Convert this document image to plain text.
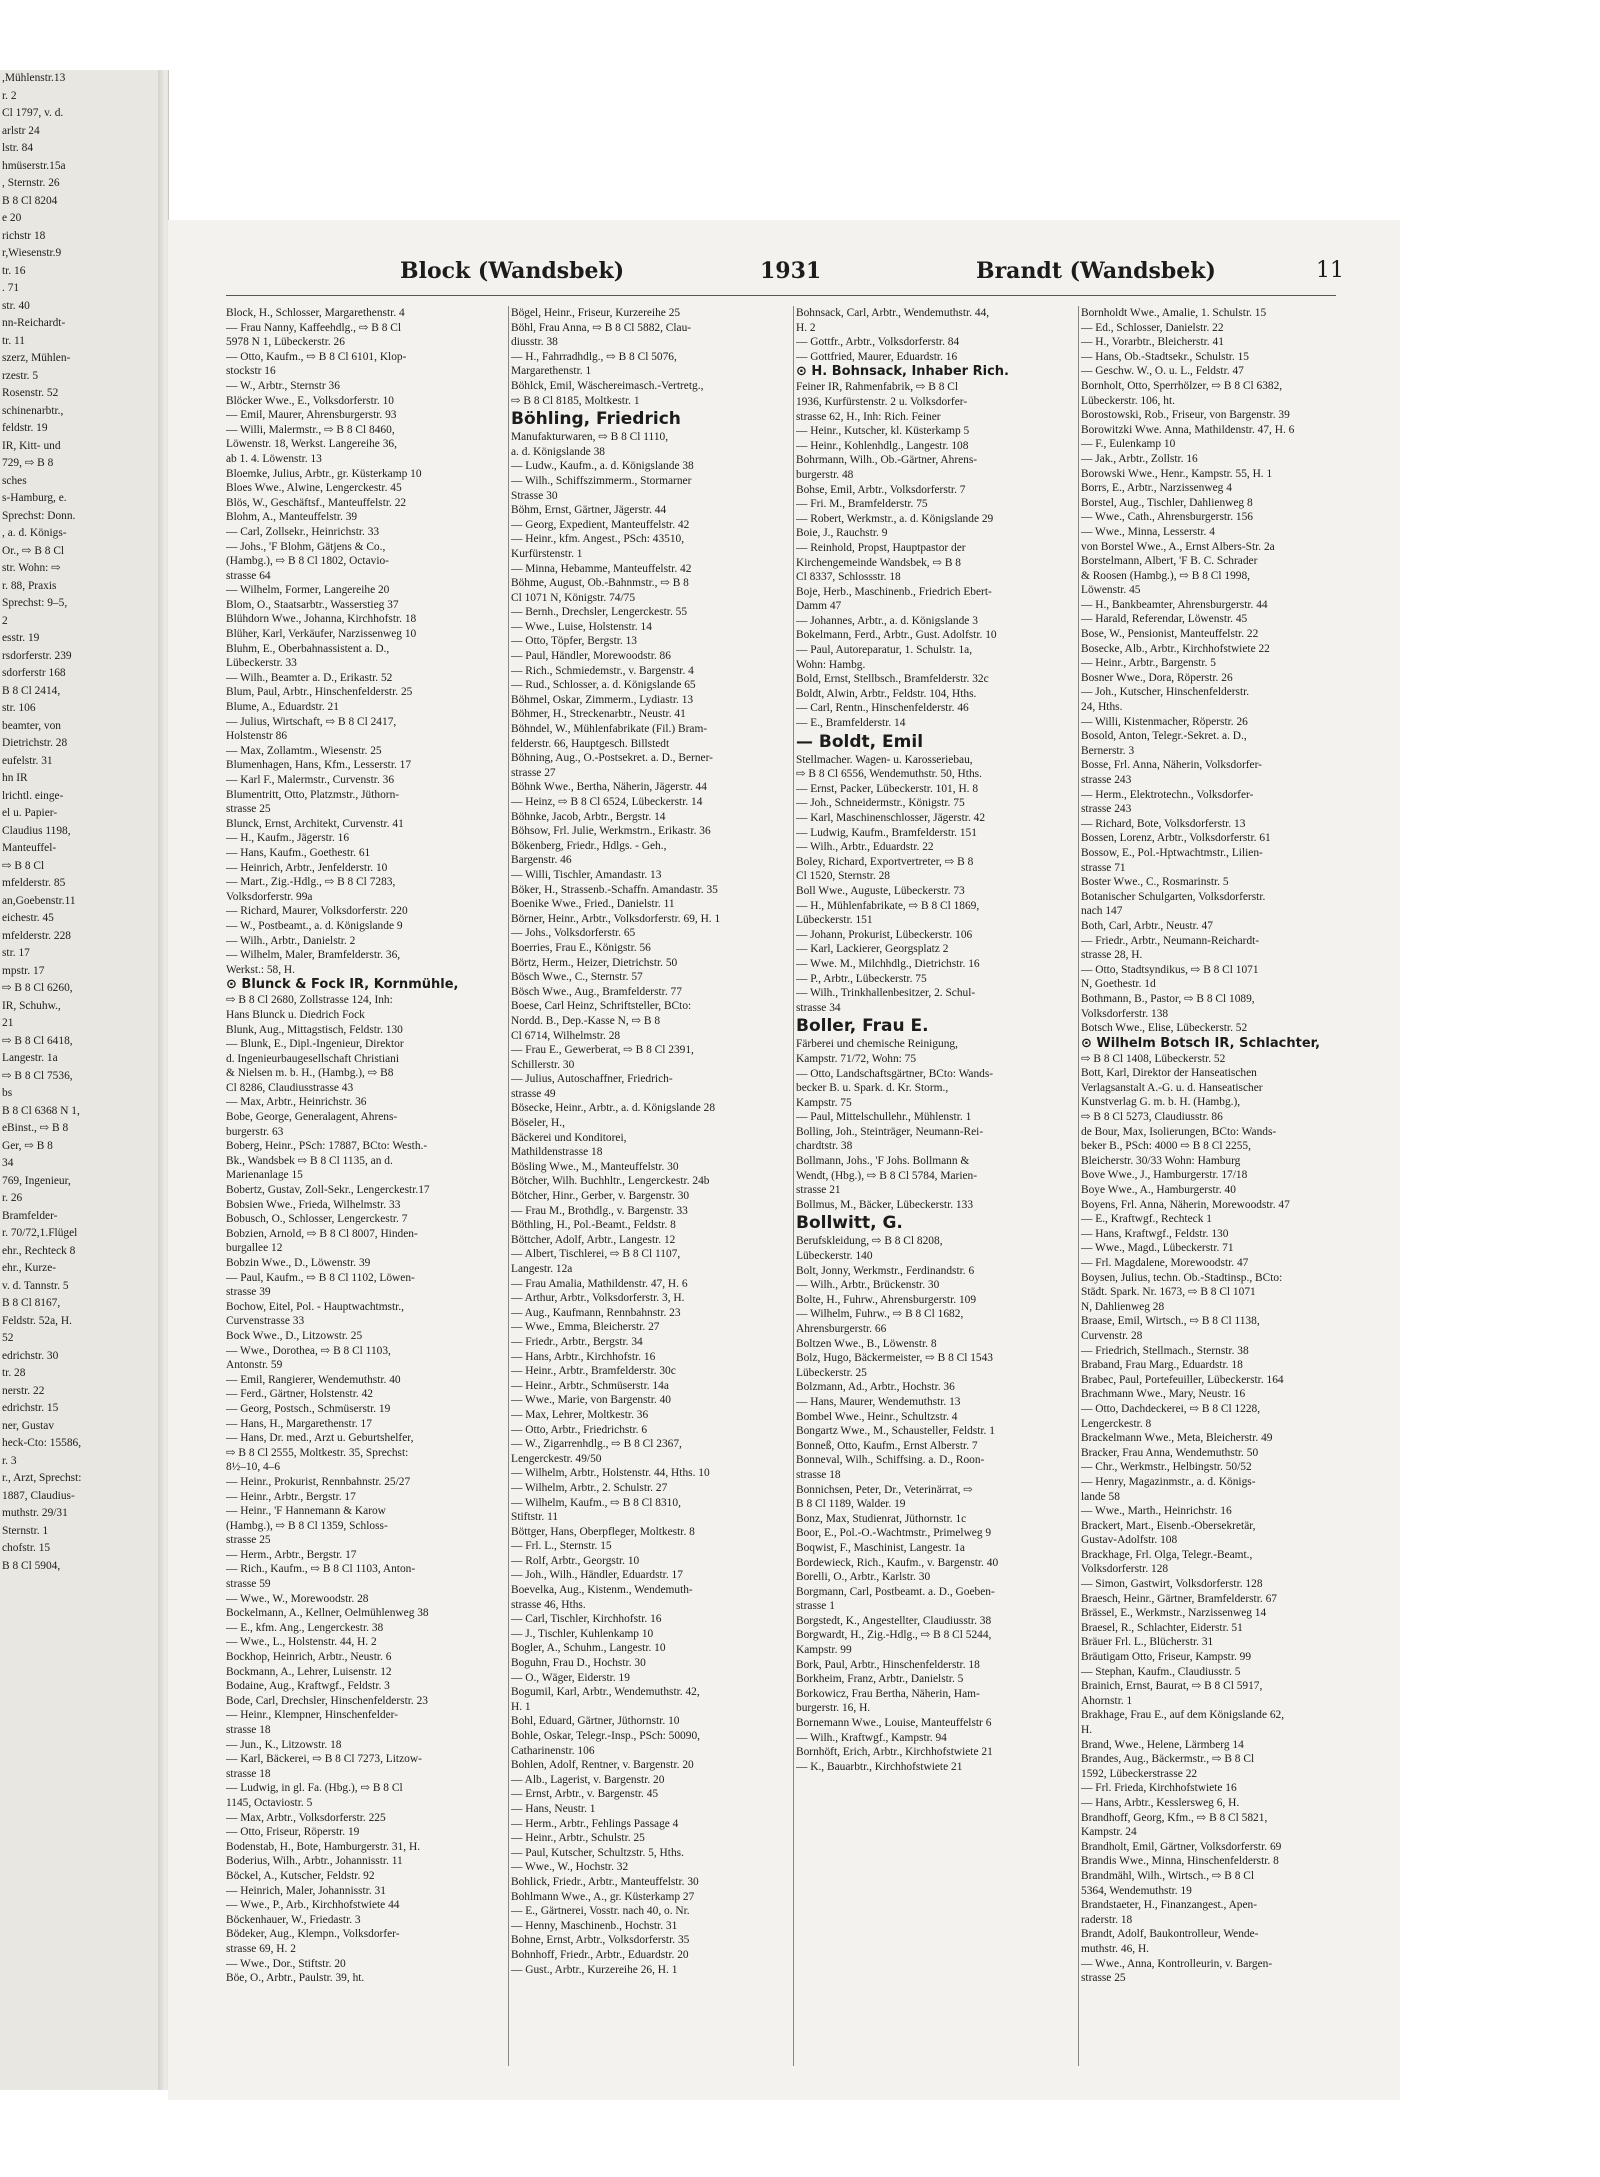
,Mühlenstr.13
r. 2
Cl 1797, v. d.
arlstr 24
lstr. 84
hmüserstr.15a
, Sternstr. 26
B 8 Cl 8204
e 20
richstr 18
r,Wiesenstr.9
tr. 16
. 71
str. 40
nn-Reichardt-
tr. 11
szerz, Mühlen-
rzestr. 5
Rosenstr. 52
schinenarbtr.,
feldstr. 19
IR, Kitt- und
729, ⇨ B 8
sches
s-Hamburg, e.
Sprechst: Donn.
, a. d. Königs-
Or., ⇨ B 8 Cl
str. Wohn: ⇨
r. 88, Praxis
Sprechst: 9–5,
2
esstr. 19
rsdorferstr. 239
sdorferstr 168
B 8 Cl 2414,
str. 106
beamter, von
Dietrichstr. 28
eufelstr. 31
hn IR
lrichtl. einge-
el u. Papier-
Claudius 1198,
Manteuffel-
⇨ B 8 Cl
mfelderstr. 85
an,Goebenstr.11
eichestr. 45
mfelderstr. 228
str. 17
mpstr. 17
⇨ B 8 Cl 6260,
IR, Schuhw.,
21
⇨ B 8 Cl 6418,
Langestr. 1a
⇨ B 8 Cl 7536,
bs
B 8 Cl 6368 N 1,
eBinst., ⇨ B 8
Ger, ⇨ B 8
34
769, Ingenieur,
r. 26
Bramfelder-
r. 70/72,1.Flügel
ehr., Rechteck 8
ehr., Kurze-
v. d. Tannstr. 5
B 8 Cl 8167,
Feldstr. 52a, H.
52
edrichstr. 30
tr. 28
nerstr. 22
edrichstr. 15
ner, Gustav
heck-Cto: 15586,
r. 3
r., Arzt, Sprechst:
1887, Claudius-
muthstr. 29/31
Sternstr. 1
chofstr. 15
B 8 Cl 5904,
Block (Wandsbek)	1931	Brandt (Wandsbek)	11
Block, H., Schlosser, Margarethenstr. 4
— Frau Nanny, Kaffeehdlg., ⇨ B 8 Cl
5978 N 1, Lübeckerstr. 26
— Otto, Kaufm., ⇨ B 8 Cl 6101, Klop-
stockstr 16
— W., Arbtr., Sternstr 36
Blöcker Wwe., E., Volksdorferstr. 10
— Emil, Maurer, Ahrensburgerstr. 93
— Willi, Malermstr., ⇨ B 8 Cl 8460,
Löwenstr. 18, Werkst. Langereihe 36,
ab 1. 4. Löwenstr. 13
Bloemke, Julius, Arbtr., gr. Küsterkamp 10
Bloes Wwe., Alwine, Lengerckestr. 45
Blös, W., Geschäftsf., Manteuffelstr. 22
Blohm, A., Manteuffelstr. 39
— Carl, Zollsekr., Heinrichstr. 33
— Johs., 'F Blohm, Gätjens & Co.,
(Hambg.), ⇨ B 8 Cl 1802, Octavio-
strasse 64
— Wilhelm, Former, Langereihe 20
Blom, O., Staatsarbtr., Wasserstieg 37
Blühdorn Wwe., Johanna, Kirchhofstr. 18
Blüher, Karl, Verkäufer, Narzissenweg 10
Bluhm, E., Oberbahnassistent a. D.,
Lübeckerstr. 33
— Wilh., Beamter a. D., Erikastr. 52
Blum, Paul, Arbtr., Hinschenfelderstr. 25
Blume, A., Eduardstr. 21
— Julius, Wirtschaft, ⇨ B 8 Cl 2417,
Holstenstr 86
— Max, Zollamtm., Wiesenstr. 25
Blumenhagen, Hans, Kfm., Lesserstr. 17
— Karl F., Malermstr., Curvenstr. 36
Blumentritt, Otto, Platzmstr., Jüthorn-
strasse 25
Blunck, Ernst, Architekt, Curvenstr. 41
— H., Kaufm., Jägerstr. 16
— Hans, Kaufm., Goethestr. 61
— Heinrich, Arbtr., Jenfelderstr. 10
— Mart., Zig.-Hdlg., ⇨ B 8 Cl 7283,
Volksdorferstr. 99a
— Richard, Maurer, Volksdorferstr. 220
— W., Postbeamt., a. d. Königslande 9
— Wilh., Arbtr., Danielstr. 2
— Wilhelm, Maler, Bramfelderstr. 36,
Werkst.: 58, H.
⊙ Blunck & Fock IR, Kornmühle,
⇨ B 8 Cl 2680, Zollstrasse 124, Inh:
Hans Blunck u. Diedrich Fock
Blunk, Aug., Mittagstisch, Feldstr. 130
— Blunk, E., Dipl.-Ingenieur, Direktor
d. Ingenieurbaugesellschaft Christiani
& Nielsen m. b. H., (Hambg.), ⇨ B8
Cl 8286, Claudiusstrasse 43
— Max, Arbtr., Heinrichstr. 36
Bobe, George, Generalagent, Ahrens-
burgerstr. 63
Boberg, Heinr., PSch: 17887, BCto: Westh.-
Bk., Wandsbek ⇨ B 8 Cl 1135, an d.
Marienanlage 15
Bobertz, Gustav, Zoll-Sekr., Lengerckestr.17
Bobsien Wwe., Frieda, Wilhelmstr. 33
Bobusch, O., Schlosser, Lengerckestr. 7
Bobzien, Arnold, ⇨ B 8 Cl 8007, Hinden-
burgallee 12
Bobzin Wwe., D., Löwenstr. 39
— Paul, Kaufm., ⇨ B 8 Cl 1102, Löwen-
strasse 39
Bochow, Eitel, Pol. - Hauptwachtmstr.,
Curvenstrasse 33
Bock Wwe., D., Litzowstr. 25
— Wwe., Dorothea, ⇨ B 8 Cl 1103,
Antonstr. 59
— Emil, Rangierer, Wendemuthstr. 40
— Ferd., Gärtner, Holstenstr. 42
— Georg, Postsch., Schmüserstr. 19
— Hans, H., Margarethenstr. 17
— Hans, Dr. med., Arzt u. Geburtshelfer,
⇨ B 8 Cl 2555, Moltkestr. 35, Sprechst:
8½–10, 4–6
— Heinr., Prokurist, Rennbahnstr. 25/27
— Heinr., Arbtr., Bergstr. 17
— Heinr., 'F Hannemann & Karow
(Hambg.), ⇨ B 8 Cl 1359, Schloss-
strasse 25
— Herm., Arbtr., Bergstr. 17
— Rich., Kaufm., ⇨ B 8 Cl 1103, Anton-
strasse 59
— Wwe., W., Morewoodstr. 28
Bockelmann, A., Kellner, Oelmühlenweg 38
— E., kfm. Ang., Lengerckestr. 38
— Wwe., L., Holstenstr. 44, H. 2
Bockhop, Heinrich, Arbtr., Neustr. 6
Bockmann, A., Lehrer, Luisenstr. 12
Bodaine, Aug., Kraftwgf., Feldstr. 3
Bode, Carl, Drechsler, Hinschenfelderstr. 23
— Heinr., Klempner, Hinschenfelder-
strasse 18
— Jun., K., Litzowstr. 18
— Karl, Bäckerei, ⇨ B 8 Cl 7273, Litzow-
strasse 18
— Ludwig, in gl. Fa. (Hbg.), ⇨ B 8 Cl
1145, Octaviostr. 5
— Max, Arbtr., Volksdorferstr. 225
— Otto, Friseur, Röperstr. 19
Bodenstab, H., Bote, Hamburgerstr. 31, H.
Boderius, Wilh., Arbtr., Johannisstr. 11
Böckel, A., Kutscher, Feldstr. 92
— Heinrich, Maler, Johannisstr. 31
— Wwe., P., Arb., Kirchhofstwiete 44
Böckenhauer, W., Friedastr. 3
Bödeker, Aug., Klempn., Volksdorfer-
strasse 69, H. 2
— Wwe., Dor., Stiftstr. 20
Böe, O., Arbtr., Paulstr. 39, ht.
Bögel, Heinr., Friseur, Kurzereihe 25
Böhl, Frau Anna, ⇨ B 8 Cl 5882, Clau-
diusstr. 38
— H., Fahrradhdlg., ⇨ B 8 Cl 5076,
Margarethenstr. 1
Böhlck, Emil, Wäschereimasch.-Vertretg.,
⇨ B 8 Cl 8185, Moltkestr. 1
Böhling, Friedrich
Manufakturwaren, ⇨ B 8 Cl 1110,
a. d. Königslande 38
— Ludw., Kaufm., a. d. Königslande 38
— Wilh., Schiffszimmerm., Stormarner
Strasse 30
Böhm, Ernst, Gärtner, Jägerstr. 44
— Georg, Expedient, Manteuffelstr. 42
— Heinr., kfm. Angest., PSch: 43510,
Kurfürstenstr. 1
— Minna, Hebamme, Manteuffelstr. 42
Böhme, August, Ob.-Bahnmstr., ⇨ B 8
Cl 1071 N, Königstr. 74/75
— Bernh., Drechsler, Lengerckestr. 55
— Wwe., Luise, Holstenstr. 14
— Otto, Töpfer, Bergstr. 13
— Paul, Händler, Morewoodstr. 86
— Rich., Schmiedemstr., v. Bargenstr. 4
— Rud., Schlosser, a. d. Königslande 65
Böhmel, Oskar, Zimmerm., Lydiastr. 13
Böhmer, H., Streckenarbtr., Neustr. 41
Böhndel, W., Mühlenfabrikate (Fil.) Bram-
felderstr. 66, Hauptgesch. Billstedt
Böhning, Aug., O.-Postsekret. a. D., Berner-
strasse 27
Böhnk Wwe., Bertha, Näherin, Jägerstr. 44
— Heinz, ⇨ B 8 Cl 6524, Lübeckerstr. 14
Böhnke, Jacob, Arbtr., Bergstr. 14
Böhsow, Frl. Julie, Werkmstrn., Erikastr. 36
Bökenberg, Friedr., Hdlgs. - Geh.,
Bargenstr. 46
— Willi, Tischler, Amandastr. 13
Böker, H., Strassenb.-Schaffn. Amandastr. 35
Boenike Wwe., Fried., Danielstr. 11
Börner, Heinr., Arbtr., Volksdorferstr. 69, H. 1
— Johs., Volksdorferstr. 65
Boerries, Frau E., Königstr. 56
Börtz, Herm., Heizer, Dietrichstr. 50
Bösch Wwe., C., Sternstr. 57
Bösch Wwe., Aug., Bramfelderstr. 77
Boese, Carl Heinz, Schriftsteller, BCto:
Nordd. B., Dep.-Kasse N, ⇨ B 8
Cl 6714, Wilhelmstr. 28
— Frau E., Gewerberat, ⇨ B 8 Cl 2391,
Schillerstr. 30
— Julius, Autoschaffner, Friedrich-
strasse 49
Bösecke, Heinr., Arbtr., a. d. Königslande 28
Böseler, H.,
Bäckerei und Konditorei,
Mathildenstrasse 18
Bösling Wwe., M., Manteuffelstr. 30
Bötcher, Wilh. Buchhltr., Lengerckestr. 24b
Bötcher, Hinr., Gerber, v. Bargenstr. 30
— Frau M., Brothdlg., v. Bargenstr. 33
Böthling, H., Pol.-Beamt., Feldstr. 8
Böttcher, Adolf, Arbtr., Langestr. 12
— Albert, Tischlerei, ⇨ B 8 Cl 1107,
Langestr. 12a
— Frau Amalia, Mathildenstr. 47, H. 6
— Arthur, Arbtr., Volksdorferstr. 3, H.
— Aug., Kaufmann, Rennbahnstr. 23
— Wwe., Emma, Bleicherstr. 27
— Friedr., Arbtr., Bergstr. 34
— Hans, Arbtr., Kirchhofstr. 16
— Heinr., Arbtr., Bramfelderstr. 30c
— Heinr., Arbtr., Schmüserstr. 14a
— Wwe., Marie, von Bargenstr. 40
— Max, Lehrer, Moltkestr. 36
— Otto, Arbtr., Friedrichstr. 6
— W., Zigarrenhdlg., ⇨ B 8 Cl 2367,
Lengerckestr. 49/50
— Wilhelm, Arbtr., Holstenstr. 44, Hths. 10
— Wilhelm, Arbtr., 2. Schulstr. 27
— Wilhelm, Kaufm., ⇨ B 8 Cl 8310,
Stiftstr. 11
Böttger, Hans, Oberpfleger, Moltkestr. 8
— Frl. L., Sternstr. 15
— Rolf, Arbtr., Georgstr. 10
— Joh., Wilh., Händler, Eduardstr. 17
Boevelka, Aug., Kistenm., Wendemuth-
strasse 46, Hths.
— Carl, Tischler, Kirchhofstr. 16
— J., Tischler, Kuhlenkamp 10
Bogler, A., Schuhm., Langestr. 10
Boguhn, Frau D., Hochstr. 30
— O., Wäger, Eiderstr. 19
Bogumil, Karl, Arbtr., Wendemuthstr. 42,
H. 1
Bohl, Eduard, Gärtner, Jüthornstr. 10
Bohle, Oskar, Telegr.-Insp., PSch: 50090,
Catharinenstr. 106
Bohlen, Adolf, Rentner, v. Bargenstr. 20
— Alb., Lagerist, v. Bargenstr. 20
— Ernst, Arbtr., v. Bargenstr. 45
— Hans, Neustr. 1
— Herm., Arbtr., Fehlings Passage 4
— Heinr., Arbtr., Schulstr. 25
— Paul, Kutscher, Schultzstr. 5, Hths.
— Wwe., W., Hochstr. 32
Bohlick, Friedr., Arbtr., Manteuffelstr. 30
Bohlmann Wwe., A., gr. Küsterkamp 27
— E., Gärtnerei, Vosstr. nach 40, o. Nr.
— Henny, Maschinenb., Hochstr. 31
Bohne, Ernst, Arbtr., Volksdorferstr. 35
Bohnhoff, Friedr., Arbtr., Eduardstr. 20
— Gust., Arbtr., Kurzereihe 26, H. 1
Bohnsack, Carl, Arbtr., Wendemuthstr. 44,
H. 2
— Gottfr., Arbtr., Volksdorferstr. 84
— Gottfried, Maurer, Eduardstr. 16
⊙ H. Bohnsack, Inhaber Rich.
Feiner IR, Rahmenfabrik, ⇨ B 8 Cl
1936, Kurfürstenstr. 2 u. Volksdorfer-
strasse 62, H., Inh: Rich. Feiner
— Heinr., Kutscher, kl. Küsterkamp 5
— Heinr., Kohlenhdlg., Langestr. 108
Bohrmann, Wilh., Ob.-Gärtner, Ahrens-
burgerstr. 48
Bohse, Emil, Arbtr., Volksdorferstr. 7
— Fri. M., Bramfelderstr. 75
— Robert, Werkmstr., a. d. Königslande 29
Boie, J., Rauchstr. 9
— Reinhold, Propst, Hauptpastor der
Kirchengemeinde Wandsbek, ⇨ B 8
Cl 8337, Schlossstr. 18
Boje, Herb., Maschinenb., Friedrich Ebert-
Damm 47
— Johannes, Arbtr., a. d. Königslande 3
Bokelmann, Ferd., Arbtr., Gust. Adolfstr. 10
— Paul, Autoreparatur, 1. Schulstr. 1a,
Wohn: Hambg.
Bold, Ernst, Stellbsch., Bramfelderstr. 32c
Boldt, Alwin, Arbtr., Feldstr. 104, Hths.
— Carl, Rentn., Hinschenfelderstr. 46
— E., Bramfelderstr. 14
— Boldt, Emil
Stellmacher. Wagen- u. Karosseriebau,
⇨ B 8 Cl 6556, Wendemuthstr. 50, Hths.
— Ernst, Packer, Lübeckerstr. 101, H. 8
— Joh., Schneidermstr., Königstr. 75
— Karl, Maschinenschlosser, Jägerstr. 42
— Ludwig, Kaufm., Bramfelderstr. 151
— Wilh., Arbtr., Eduardstr. 22
Boley, Richard, Exportvertreter, ⇨ B 8
Cl 1520, Sternstr. 28
Boll Wwe., Auguste, Lübeckerstr. 73
— H., Mühlenfabrikate, ⇨ B 8 Cl 1869,
Lübeckerstr. 151
— Johann, Prokurist, Lübeckerstr. 106
— Karl, Lackierer, Georgsplatz 2
— Wwe. M., Milchhdlg., Dietrichstr. 16
— P., Arbtr., Lübeckerstr. 75
— Wilh., Trinkhallenbesitzer, 2. Schul-
strasse 34
Boller, Frau E.
Färberei und chemische Reinigung,
Kampstr. 71/72, Wohn: 75
— Otto, Landschaftsgärtner, BCto: Wands-
becker B. u. Spark. d. Kr. Storm.,
Kampstr. 75
— Paul, Mittelschullehr., Mühlenstr. 1
Bolling, Joh., Steinträger, Neumann-Rei-
chardtstr. 38
Bollmann, Johs., 'F Johs. Bollmann &
Wendt, (Hbg.), ⇨ B 8 Cl 5784, Marien-
strasse 21
Bollmus, M., Bäcker, Lübeckerstr. 133
Bollwitt, G.
Berufskleidung, ⇨ B 8 Cl 8208,
Lübeckerstr. 140
Bolt, Jonny, Werkmstr., Ferdinandstr. 6
— Wilh., Arbtr., Brückenstr. 30
Bolte, H., Fuhrw., Ahrensburgerstr. 109
— Wilhelm, Fuhrw., ⇨ B 8 Cl 1682,
Ahrensburgerstr. 66
Boltzen Wwe., B., Löwenstr. 8
Bolz, Hugo, Bäckermeister, ⇨ B 8 Cl 1543
Lübeckerstr. 25
Bolzmann, Ad., Arbtr., Hochstr. 36
— Hans, Maurer, Wendemuthstr. 13
Bombel Wwe., Heinr., Schultzstr. 4
Bongartz Wwe., M., Schausteller, Feldstr. 1
Bonneß, Otto, Kaufm., Ernst Alberstr. 7
Bonneval, Wilh., Schiffsing. a. D., Roon-
strasse 18
Bonnichsen, Peter, Dr., Veterinärrat, ⇨
B 8 Cl 1189, Walder. 19
Bonz, Max, Studienrat, Jüthornstr. 1c
Boor, E., Pol.-O.-Wachtmstr., Primelweg 9
Boqwist, F., Maschinist, Langestr. 1a
Bordewieck, Rich., Kaufm., v. Bargenstr. 40
Borelli, O., Arbtr., Karlstr. 30
Borgmann, Carl, Postbeamt. a. D., Goeben-
strasse 1
Borgstedt, K., Angestellter, Claudiusstr. 38
Borgwardt, H., Zig.-Hdlg., ⇨ B 8 Cl 5244,
Kampstr. 99
Bork, Paul, Arbtr., Hinschenfelderstr. 18
Borkheim, Franz, Arbtr., Danielstr. 5
Borkowicz, Frau Bertha, Näherin, Ham-
burgerstr. 16, H.
Bornemann Wwe., Louise, Manteuffelstr 6
— Wilh., Kraftwgf., Kampstr. 94
Bornhöft, Erich, Arbtr., Kirchhofstwiete 21
— K., Bauarbtr., Kirchhofstwiete 21
Bornholdt Wwe., Amalie, 1. Schulstr. 15
— Ed., Schlosser, Danielstr. 22
— H., Vorarbtr., Bleicherstr. 41
— Hans, Ob.-Stadtsekr., Schulstr. 15
— Geschw. W., O. u. L., Feldstr. 47
Bornholt, Otto, Sperrhölzer, ⇨ B 8 Cl 6382,
Lübeckerstr. 106, ht.
Borostowski, Rob., Friseur, von Bargenstr. 39
Borowitzki Wwe. Anna, Mathildenstr. 47, H. 6
— F., Eulenkamp 10
— Jak., Arbtr., Zollstr. 16
Borowski Wwe., Henr., Kampstr. 55, H. 1
Borrs, E., Arbtr., Narzissenweg 4
Borstel, Aug., Tischler, Dahlienweg 8
— Wwe., Cath., Ahrensburgerstr. 156
— Wwe., Minna, Lesserstr. 4
von Borstel Wwe., A., Ernst Albers-Str. 2a
Borstelmann, Albert, 'F B. C. Schrader
& Roosen (Hambg.), ⇨ B 8 Cl 1998,
Löwenstr. 45
— H., Bankbeamter, Ahrensburgerstr. 44
— Harald, Referendar, Löwenstr. 45
Bose, W., Pensionist, Manteuffelstr. 22
Bosecke, Alb., Arbtr., Kirchhofstwiete 22
— Heinr., Arbtr., Bargenstr. 5
Bosner Wwe., Dora, Röperstr. 26
— Joh., Kutscher, Hinschenfelderstr.
24, Hths.
— Willi, Kistenmacher, Röperstr. 26
Bosold, Anton, Telegr.-Sekret. a. D.,
Bernerstr. 3
Bosse, Frl. Anna, Näherin, Volksdorfer-
strasse 243
— Herm., Elektrotechn., Volksdorfer-
strasse 243
— Richard, Bote, Volksdorferstr. 13
Bossen, Lorenz, Arbtr., Volksdorferstr. 61
Bossow, E., Pol.-Hptwachtmstr., Lilien-
strasse 71
Boster Wwe., C., Rosmarinstr. 5
Botanischer Schulgarten, Volksdorferstr.
nach 147
Both, Carl, Arbtr., Neustr. 47
— Friedr., Arbtr., Neumann-Reichardt-
strasse 28, H.
— Otto, Stadtsyndikus, ⇨ B 8 Cl 1071
N, Goethestr. 1d
Bothmann, B., Pastor, ⇨ B 8 Cl 1089,
Volksdorferstr. 138
Botsch Wwe., Elise, Lübeckerstr. 52
⊙ Wilhelm Botsch IR, Schlachter,
⇨ B 8 Cl 1408, Lübeckerstr. 52
Bott, Karl, Direktor der Hanseatischen
Verlagsanstalt A.-G. u. d. Hanseatischer
Kunstverlag G. m. b. H. (Hambg.),
⇨ B 8 Cl 5273, Claudiusstr. 86
de Bour, Max, Isolierungen, BCto: Wands-
beker B., PSch: 4000 ⇨ B 8 Cl 2255,
Bleicherstr. 30/33 Wohn: Hamburg
Bove Wwe., J., Hamburgerstr. 17/18
Boye Wwe., A., Hamburgerstr. 40
Boyens, Frl. Anna, Näherin, Morewoodstr. 47
— E., Kraftwgf., Rechteck 1
— Hans, Kraftwgf., Feldstr. 130
— Wwe., Magd., Lübeckerstr. 71
— Frl. Magdalene, Morewoodstr. 47
Boysen, Julius, techn. Ob.-Stadtinsp., BCto:
Städt. Spark. Nr. 1673, ⇨ B 8 Cl 1071
N, Dahlienweg 28
Braase, Emil, Wirtsch., ⇨ B 8 Cl 1138,
Curvenstr. 28
— Friedrich, Stellmach., Sternstr. 38
Braband, Frau Marg., Eduardstr. 18
Brabec, Paul, Portefeuiller, Lübeckerstr. 164
Brachmann Wwe., Mary, Neustr. 16
— Otto, Dachdeckerei, ⇨ B 8 Cl 1228,
Lengerckestr. 8
Brackelmann Wwe., Meta, Bleicherstr. 49
Bracker, Frau Anna, Wendemuthstr. 50
— Chr., Werkmstr., Helbingstr. 50/52
— Henry, Magazinmstr., a. d. Königs-
lande 58
— Wwe., Marth., Heinrichstr. 16
Brackert, Mart., Eisenb.-Obersekretär,
Gustav-Adolfstr. 108
Brackhage, Frl. Olga, Telegr.-Beamt.,
Volksdorferstr. 128
— Simon, Gastwirt, Volksdorferstr. 128
Braesch, Heinr., Gärtner, Bramfelderstr. 67
Brässel, E., Werkmstr., Narzissenweg 14
Braesel, R., Schlachter, Eiderstr. 51
Bräuer Frl. L., Blücherstr. 31
Bräutigam Otto, Friseur, Kampstr. 99
— Stephan, Kaufm., Claudiusstr. 5
Brainich, Ernst, Baurat, ⇨ B 8 Cl 5917,
Ahornstr. 1
Brakhage, Frau E., auf dem Königslande 62,
H.
Brand, Wwe., Helene, Lärmberg 14
Brandes, Aug., Bäckermstr., ⇨ B 8 Cl
1592, Lübeckerstrasse 22
— Frl. Frieda, Kirchhofstwiete 16
— Hans, Arbtr., Kesslersweg 6, H.
Brandhoff, Georg, Kfm., ⇨ B 8 Cl 5821,
Kampstr. 24
Brandholt, Emil, Gärtner, Volksdorferstr. 69
Brandis Wwe., Minna, Hinschenfelderstr. 8
Brandmähl, Wilh., Wirtsch., ⇨ B 8 Cl
5364, Wendemuthstr. 19
Brandstaeter, H., Finanzangest., Apen-
raderstr. 18
Brandt, Adolf, Baukontrolleur, Wende-
muthstr. 46, H.
— Wwe., Anna, Kontrolleurin, v. Bargen-
strasse 25
